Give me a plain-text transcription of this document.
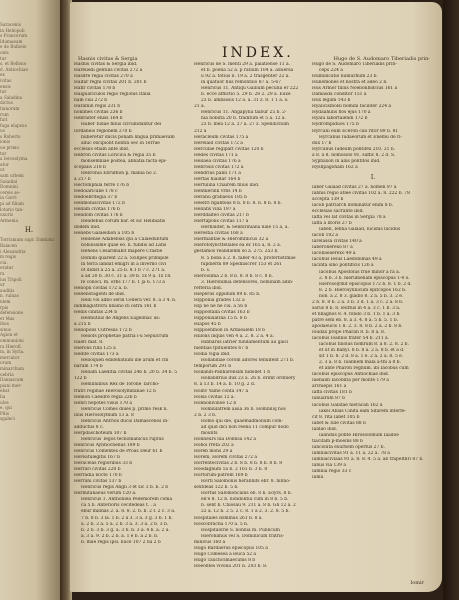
Saracenis
in Heliopoli
s Francorum
Idumaeam
e de Bulbeio
onis
tur
s, et Bellono
d. Antiochiae
ex
ivitas
ensis
tur
a Saladino
dictus
tianorum
rum
fuit
fuga elapsus
us
s Roberto
ionis
ue primo
tur
a Ierosolyma
atur
ut
sam urbem
Saladini
Domnini
cereis se-
in Gorri
pi ad filiam
lotario tan-
uxoris
Armenia
H.
Torrismum supr. Damiata
Baiacen
i Alexandria
m regis
ciu.
eratur
ra
ius Tripoli
ur
auditis
n. ruinas
nlem
rpis
defensione
et Mas
ibus
sinus
Agion et
ommunioni
ra Hierofl.
in, in Syria.
mercator
orum
minarcham
uebria
Damascum
piani mer-
ebat
lia
ulos
e, qui
Pilis
sgaleci
Hasnis civitas & Sergia	INDEX.	Hugo de S. Audomaro Tiberiadis prin-
Hasnis civitas & Sergia ibid.
Hareliedi gentilis civitas 272 a
Hasdre regia civitas 270 a
Haifar regni civitas 201 b. 201 b
Hafir civitas 178 b
Haiguariculos regio regionis Italia
nam ciui 272 b
Haramin regis 231 b
nonimes civitas 236 b
Hebraiter eniss 164 b
Haber Iudae filius circumdantur dei
Iordaneis regionem 270 b
nuberetur ducis ponam lingua primaevam
aduc excipiont nontin oec in Terrae
ecclesiis etiam ante ibid.
Hebron civitas Loricica & regia 35 b
monsemniae postea, abbatia facta epi-
scopalis 218 b
Hebronia Ebrufhon p. mania no 2.
a 217 b
Hectomphila terre 176 b
Hedoiaricane 178 c
Hedoebritegia 37 b
Helimoniscivitas 172 b
Heliam civitas 176 b
Helidom civitas 176 b
Helidebus corum bar. et sic Helibiatis
ibidem ibid.
Heliebs Galaeidion a 105 b
Heliense Adabensis qui a Calaeduntum
nobilissime quae eo. n. fundis ad Latis
Hehens Cesarimabit mapere Crastie
Domini quarent 22 a. Scilipes primipile
in terra landat emigri in a inverno civi
ot didist a 25 a. 25 b. 8.1 b 7 c. 271 a.
a ad 20 b. 30 c. 31 a. 39 b. 1x 9 a. 1x 18.
fe conoci. m. orbs 177 b. 1 ja 6. 173 a
Heliopli civitas 172 a. b.
Hellenotagenti de ibid.
Helli vol adbo serin Cedera ver. 8. a 3 4. b.
indimagistroru libaino iti ostra 161 b
Hellis cinitas 234 b
Helmutius de Angelis Eagelinac us:
a 215 b
Heliopolis Cutresiis 172 b
Heliofs prophetae patria i-u Sepulcrum
Haeri mat. 8.
Hierolis rilla 125 a
Hedite civitas 173 a
Helioquen edidebatium ille arum et cm
barum 174 b
Heliam Laeditia civitas 246 b. 20 b. 34 b. 5
122 b
Hemlinlibus Rex de Torone Tarcho-
fratri reginae Hierosolymitanae 12 b
Hemon Caesdre regia 226 b
Henri nepotes visus 170 a
Henricus Comes diues p. primo resk n.
ilius Hierosolymum 13 a. 8
Henricus Anfriox ducis Damascenos in-
adductus 8 c.
Herpdaschoteum 107 b
Henricus Tegos tecnomanicus ruptus
Henricus Ayntiochenus 189 b
Henricus Comentes de Proas Deur 61 b
Hereatulegitis 167 b
Heracleas regioribus 33 b
Herrari civitas 220 b
Herradia nocte 170 b
Herrani civitas 137 b
Henricus regis Angli 3 et sic 3 b. b. 2 b
Hermitanaeus verum 120 a.
Henricus 1. Anthoniea Pedemorem coma
ca 5 b. Anterioris cecitedeas t. . a
ebur milihas 2. a. 8. 8. 2. b. b. 2 f. 2 c. 3 a.
7 b. 8 b. 3 la. 1 b. 2 a 3. 3 a. 3 g. 3 b. 1 b.
a. 2 b. 2 a. 5 a. 2 b. 3 a. 3. 3 a. 2 b. 3 b.
b. 2 b. 3 b. 3 g. a. 3 6. b. 3 a. 4 b. a. 2 a.
a. 3 a. 9. 2 b. 2 b. a. 1 e b. a 2 b. b.
b. mile regis ipsi. nuce 107 2 na 2 b
Henricus de S. menti 29 a. palatiense 11 a.
et b. poena 52 a. p ratium 104 a. aduersa
u 92 a. totius n. 19 a. 2 trasgenter 22 a.
in quatuor hiis remontsio 87 a. 5-67
Henricus 11. Antiqu Gallium pecunii er 222
b. ecce afflictio 5. 29 b. 28 2. 29 a. Euxe
23 b. ambassis 12 a. a. 31 z. 8. 1 1 a. o.
21 a.
Henricus 11. Angapyna taibur 25 b. 2-
nia nobilta 20 b. traditum et 5 a. 12 a.
23 b. mea 12 a. 27 a. 27 z. Spendicnum
212 a
Heracleum civitas 175 a
Herelaid civitas 172 a
Herculae regipatt civitas 120 b
Hedes civitas 171 a
Heliaea civitas 176 a
Hebrosis civitas 172 a
Hendrius panli 171 a
Hertas hiaidar 164 b
Hertulina Chairem filius ibid.
Hentkerinn vrbs 14 b
Heranu grafiaeus 185 b
Heeitri figanteas 8 b. 8 b. 8. b. 8 b. 8 b.
Heliafis vilia 197 a
Herddalfeo civitas 217 b
Hiertapolis civitas 117 a
Herbaliter, & Senbiriniana nale 15 a, a.
Herestia civitas 168 a
Hiermantae & Hieromfilicus 32 a
Hierofolyncttellales ea ez 165 a, 8. 2 a.
gestamos reandienm so a. 275. 253 b.
8. 5 boba a 2. 8. faber 43 a, profertistimae
fupdierm 89 Spedliiscrer 153 et 261
b. s.
Hieroolima 2 b. 8 b. 8. 8 b. 8 c. 8 b.
3. Hieronimia defensores, nominam adin-
refteria ibid.
Hieperus oppidum 89 b. 85 b.
Hipponia grades 132 a
Hip ne ne ne ciu. a 56 b
Hippoofalla civitas 163 b
Hipponiuatina 15 b. 8 b
Hiapos 45 b
Hippoenmon in Armiealem 18 b
Hiilons inquis ven 4 a. 2. 8. 2 a. 4 a.
Hibbarus iatrier fundamentum aii gaici
hientias fpituientes 67 b
Hodia vigia ibid.
Hollandiae corom aifores tenuifent 271 b.
temporum 291 b
Hollandi-Panharensim hidellet 1 b
Hollandrius dux 23 a. 26 b. erimt ordinery
8. a 13 b. 14 a. b. 10 g. 2 d.
Holnv Yalhe conta 147 a
Holsa civitas 12 a.
Honnonivinoe 12 b
Homiulatrem aisia 36 b. Hombiliq hos
2 b. 2 3 b.
Homo qui die, quaemadmonum com-
ad quid dici non reena 11 compur dodo
mounts
Honneurs lua Donnsa 142 a
Hoboi rreta 202 a
Horeb mons 29 a
Horem, Horem civitas 272 a
Horrentecivitas 2 b. 8 b. 8 b. 8 b. 8 b. 8
Hoodagnum 1a b. 2 161 b. 3 b. 8
Hortorum-patrem 169 b
Horti Salomonis herabbifs ebr. 8. hinno-
sextdeas 122 b. 5 b.
Hortus Salomoncalus eb. 8 b. Eoyrs. 8 b.
en'e 8. 12 b. nondolitui cum in 8 b. 5 b.
b. sent b. Chiosau 9. 211 a. 8 b. Gh 12 a. 2
22 a. 12 b. 2 5. 2 c. 8. 1 a 2. 3. 2. 8. 5 b.
Hospitales dommus 261 b. 8 a.
Hoscobracha 170 a. 5 b.
Hospitalorie S. nonnia m. Publicum
Hieronimus vel S. Dominicum fratris-
minivus 160 a
Hugo Bardaerus episcopus 105 a
Hugo Comesea a leuca 52 a
Hugo Tauchcsmaecunis 8 b
Hoeontes vivona 201 b. 203 b. 8.
Hugo de S. Audomaro Tiberiadis prin-
ceps 224 a
Humillicatio numurhum 23 b.
Hunemones et nostra et adeo 2 b.
Hus Armor filius Noebonbidcius 161 a
Damasda conditor 151 a
Hux legum 143 b
Hyalicisinolsi homini faciliter 224 a
Hydaahulis flos ejus 170 a
Hyalu laborfaiendi 172 b
Hydrompiduos 175 b
Hyrcani eum Eceron cali ritor 89 b. 81
Hyrcanus Iudaeorum et Enemu de ri-
dux 17 b
Hyrcanus Iudeum pontifex 210. 21 b.
a 8. a 8. nomosolo 91. suffic 8. 2 d. S.
Syphaxon in aliis pontitos ibid.
Hyshpagohain 162 a
I.
Iaber Galaad civitas 27 a. nomen 97 a
Iabnis regio atlee civitas 102 a. 8. 222 b. 78
accepta 139 b
Iacob patriarch dominatur enim 8 b.
ecclesias sacrante ibid.
Iaffa vel Iaf civitas in Sergia 78 a
Iaffa a litoris 27 b
Iaben, Iehna Galaad, lucidus lucidus
Iacob 102 a
Iarelassa civitas 140 a
Iaberonerexo 87 a
Iacobaeaerexo 49 a
Iacobus Iesus Laedonimas 49 a
Iacinta sino pontificis 126 a
Iacobus Apostolus frue minor a ra a.
2. 8 b. 3 b. hierumenam episcopus 1-4 o.
Hierosolymit episcopus 172 b. 8. 1 b. 2 d.
8. 2 b. Hierosylinicum epitcopos 162 b.
nob. a 2. 8 3. gladio 8. 2 a. 5 b. 3. 2 e.
2 b. 8. 8 b. 2 a. 3 b. 3 d. 1 a. 3 c. 2 a. 8 b.
sarus 8 b. 8. leuttus in 4 a. 3 c. 1 b. 3 a.
et nhagnos 8. 4. fondo 3 b. 1 b. 1 a. 3 b.
patre sem eb. 8. a 3. 4. 8 a. 5 b. 5. 1 b.
apodaeucls 1 8. 2. 3. 8. 8 b. 2 a. 2 b. 8 b.
Ioudax prope Pharan 8. b. 8 a. 8.
Iacobus Ioannis frater 54 b. 211 a.
Iacobus filiolus homrum 8. a 8. 2. 8. 2 b.
et ut in Babyl. 8 b. 8 a. 2 a. 8 b. et a d.
sit 1 b. 8. 2 d. 8 a. 1 e. 2 a. 2 a. 8. 5 e.
2. 3 a. 8 b. Ioannem mala a-thi a 8 b.
et ante Pharon regnum. ibi Iacobus cum
Iacobus episcopus Antiochiae ibid.
Iaehaim Iacoblita per monte 179 a
archiepis 161 a
Iaffa civitas 181 b
Ianuarum 87 b
Iacobus Galatae hieracan 162 a
Iakel Abias Cinita eam Sifarem interfe-
cit 8. rita Iabet 105 b
Iabet & Iule civitas 88 b
Ialdao ibid.
Ialindus ponte Hirosolomum Iaadoe
tiacifam p-moeins 88 b
Iancoluta exurbem opertus 27 b.
Iamniacivitas 91 a. 11 a. 22 a. 78 a
Iamniaciviaas 91 a. 8. 8. 4. 5 a. ab trapelthri 87 b.
Ianus via 139 a
Iamnia regio 33 c
Iamu
Iomir
